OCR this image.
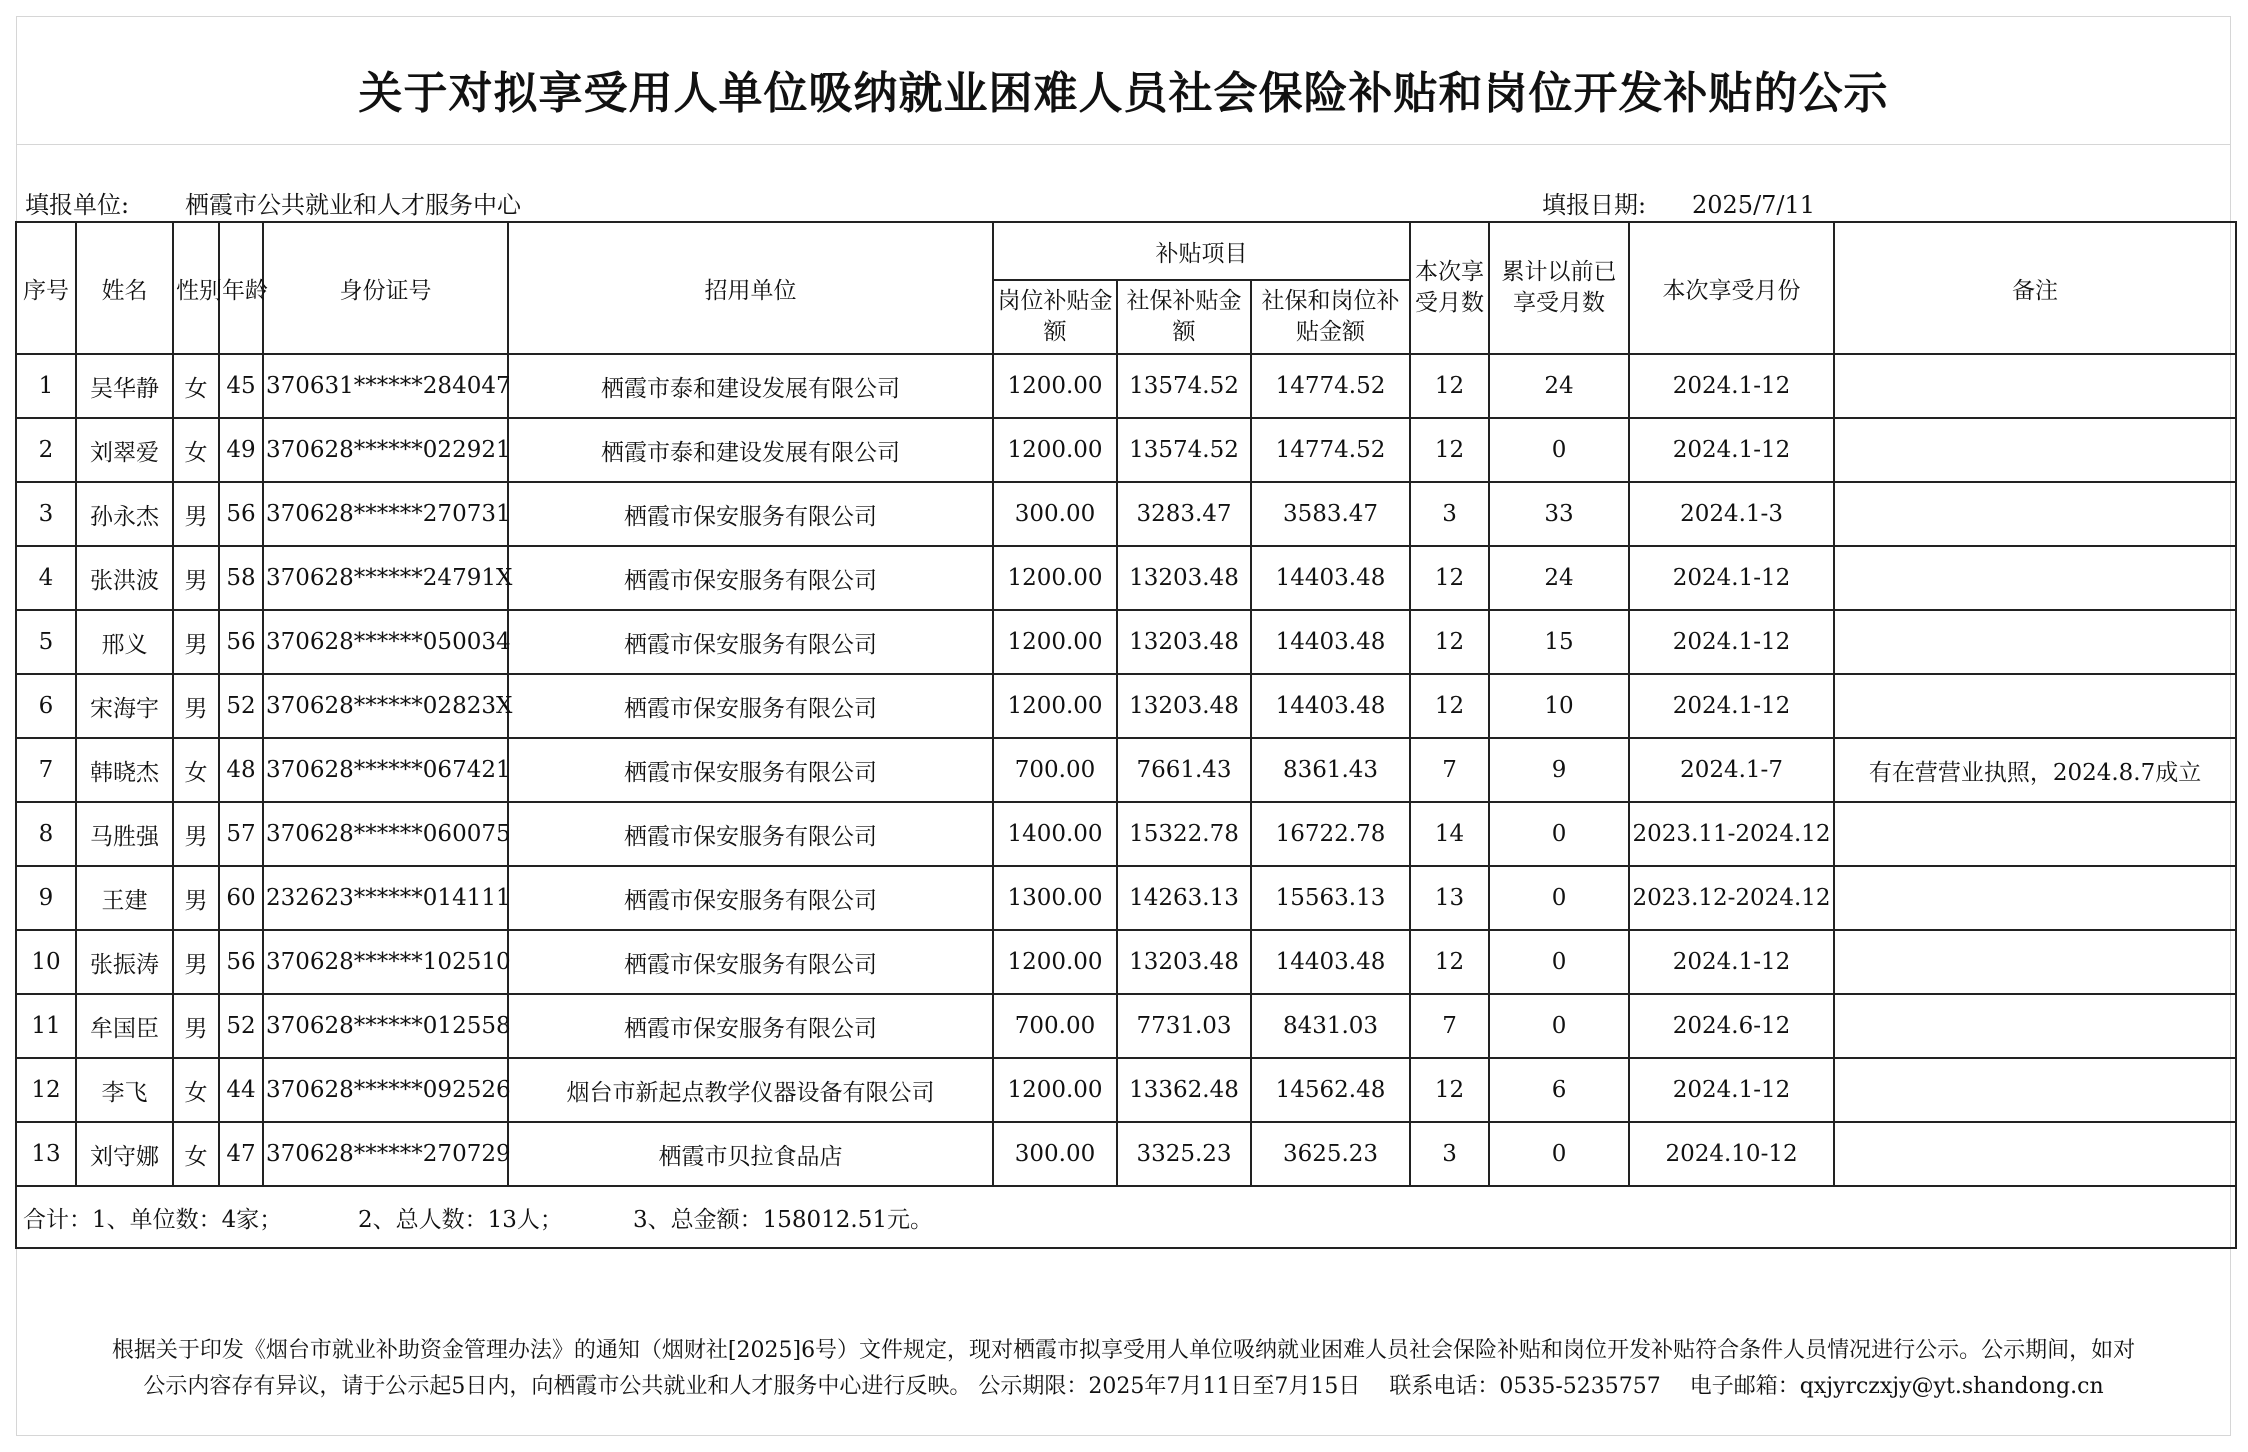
关于对拟享受用人单位吸纳就业困难人员社会保险补贴和岗位开发补贴的公示
填报单位: 栖霞市公共就业和人才服务中心	填报日期: 2025/7/11
序号	姓名	性别	年龄	身份证号	招用单位	补贴项目			本次享受月数	累计以前已享受月数	本次享受月份	备注
						岗位补贴金额	社保补贴金额	社保和岗位补贴金额				
1	吴华静	女	45	370631******284047	栖霞市泰和建设发展有限公司	1200.00	13574.52	14774.52	12	24	2024.1-12	
2	刘翠爱	女	49	370628******022921	栖霞市泰和建设发展有限公司	1200.00	13574.52	14774.52	12	0	2024.1-12	
3	孙永杰	男	56	370628******270731	栖霞市保安服务有限公司	300.00	3283.47	3583.47	3	33	2024.1-3	
4	张洪波	男	58	370628******24791X	栖霞市保安服务有限公司	1200.00	13203.48	14403.48	12	24	2024.1-12	
5	邢义	男	56	370628******050034	栖霞市保安服务有限公司	1200.00	13203.48	14403.48	12	15	2024.1-12	
6	宋海宇	男	52	370628******02823X	栖霞市保安服务有限公司	1200.00	13203.48	14403.48	12	10	2024.1-12	
7	韩晓杰	女	48	370628******067421	栖霞市保安服务有限公司	700.00	7661.43	8361.43	7	9	2024.1-7	有在营营业执照，2024.8.7成立
8	马胜强	男	57	370628******060075	栖霞市保安服务有限公司	1400.00	15322.78	16722.78	14	0	2023.11-2024.12	
9	王建	男	60	232623******014111	栖霞市保安服务有限公司	1300.00	14263.13	15563.13	13	0	2023.12-2024.12	
10	张振涛	男	56	370628******102510	栖霞市保安服务有限公司	1200.00	13203.48	14403.48	12	0	2024.1-12	
11	牟国臣	男	52	370628******012558	栖霞市保安服务有限公司	700.00	7731.03	8431.03	7	0	2024.6-12	
12	李飞	女	44	370628******092526	烟台市新起点教学仪器设备有限公司	1200.00	13362.48	14562.48	12	6	2024.1-12	
13	刘守娜	女	47	370628******270729	栖霞市贝拉食品店	300.00	3325.23	3625.23	3	0	2024.10-12	
合计：1、单位数：4家； 2、总人数：13人； 3、总金额：158012.51元。												
根据关于印发《烟台市就业补助资金管理办法》的通知（烟财社[2025]6号）文件规定，现对栖霞市拟享受用人单位吸纳就业困难人员社会保险补贴和岗位开发补贴符合条件人员情况进行公示。公示期间，如对
公示内容存有异议，请于公示起5日内，向栖霞市公共就业和人才服务中心进行反映。 公示期限：2025年7月11日至7月15日　 联系电话：0535-5235757　 电子邮箱：qxjyrczxjy@yt.shandong.cn
